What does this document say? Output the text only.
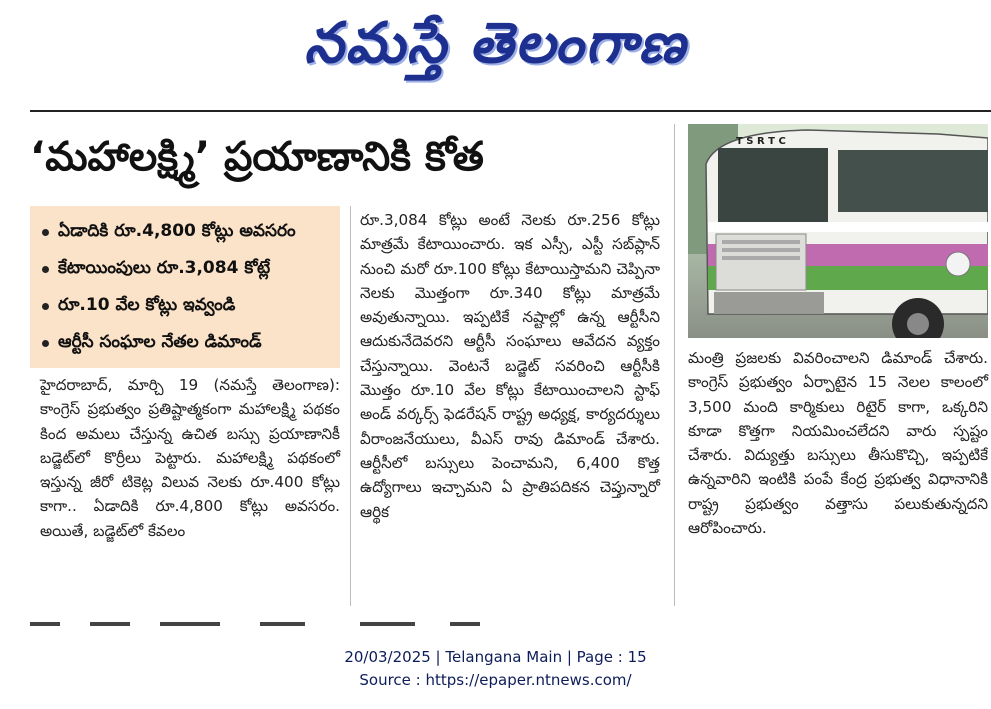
నమస్తే తెలంగాణ
‘మహాలక్ష్మి’ ప్రయాణానికి కోత
ఏడాదికి రూ.4,800 కోట్లు అవసరం
కేటాయింపులు రూ.3,084 కోట్లే
రూ.10 వేల కోట్లు ఇవ్వండి
ఆర్టీసీ సంఘాల నేతల డిమాండ్

హైదరాబాద్, మార్చి 19 (నమస్తే తెలంగాణ): కాంగ్రెస్ ప్రభుత్వం ప్రతిష్టాత్మకంగా మహాలక్ష్మి పథకం కింద అమలు చేస్తున్న ఉచిత బస్సు ప్రయాణానికీ బడ్జెట్‌లో కొర్రీలు పెట్టారు. మహాలక్ష్మి పథకంలో ఇస్తున్న జీరో టికెట్ల విలువ నెలకు రూ.400 కోట్లు కాగా.. ఏడాదికి రూ.4,800 కోట్లు అవసరం. అయితే, బడ్జెట్‌లో కేవలం

రూ.3,084 కోట్లు అంటే నెలకు రూ.256 కోట్లు మాత్రమే కేటాయించారు. ఇక ఎస్సీ, ఎస్టీ సబ్‌ప్లాన్ నుంచి మరో రూ.100 కోట్లు కేటాయిస్తామని చెప్పినా నెలకు మొత్తంగా రూ.340 కోట్లు మాత్రమే అవుతున్నాయి. ఇప్పటికే నష్టాల్లో ఉన్న ఆర్టీసీని ఆదుకునేదెవరని ఆర్టీసీ సంఘాలు ఆవేదన వ్యక్తం చేస్తున్నాయి. వెంటనే బడ్జెట్ సవరించి ఆర్టీసీకి మొత్తం రూ.10 వేల కోట్లు కేటాయించాలని స్టాఫ్ అండ్ వర్కర్స్ ఫెడరేషన్ రాష్ట్ర అధ్యక్ష, కార్యదర్శులు వీరాంజనేయులు, వీఎస్ రావు డిమాండ్ చేశారు. ఆర్టీసీలో బస్సులు పెంచామని, 6,400 కొత్త ఉద్యోగాలు ఇచ్చామని ఏ ప్రాతిపదికన చెప్తున్నారో ఆర్థిక

T S R T C

మంత్రి ప్రజలకు వివరించాలని డిమాండ్ చేశారు. కాంగ్రెస్ ప్రభుత్వం ఏర్పాటైన 15 నెలల కాలంలో 3,500 మంది కార్మికులు రిటైర్ కాగా, ఒక్కరిని కూడా కొత్తగా నియమించలేదని వారు స్పష్టం చేశారు. విద్యుత్తు బస్సులు తీసుకొచ్చి, ఇప్పటికే ఉన్నవారిని ఇంటికి పంపే కేంద్ర ప్రభుత్వ విధానానికి రాష్ట్ర ప్రభుత్వం వత్తాసు పలుకుతున్నదని ఆరోపించారు.

20/03/2025 | Telangana Main | Page : 15
Source : https://epaper.ntnews.com/
